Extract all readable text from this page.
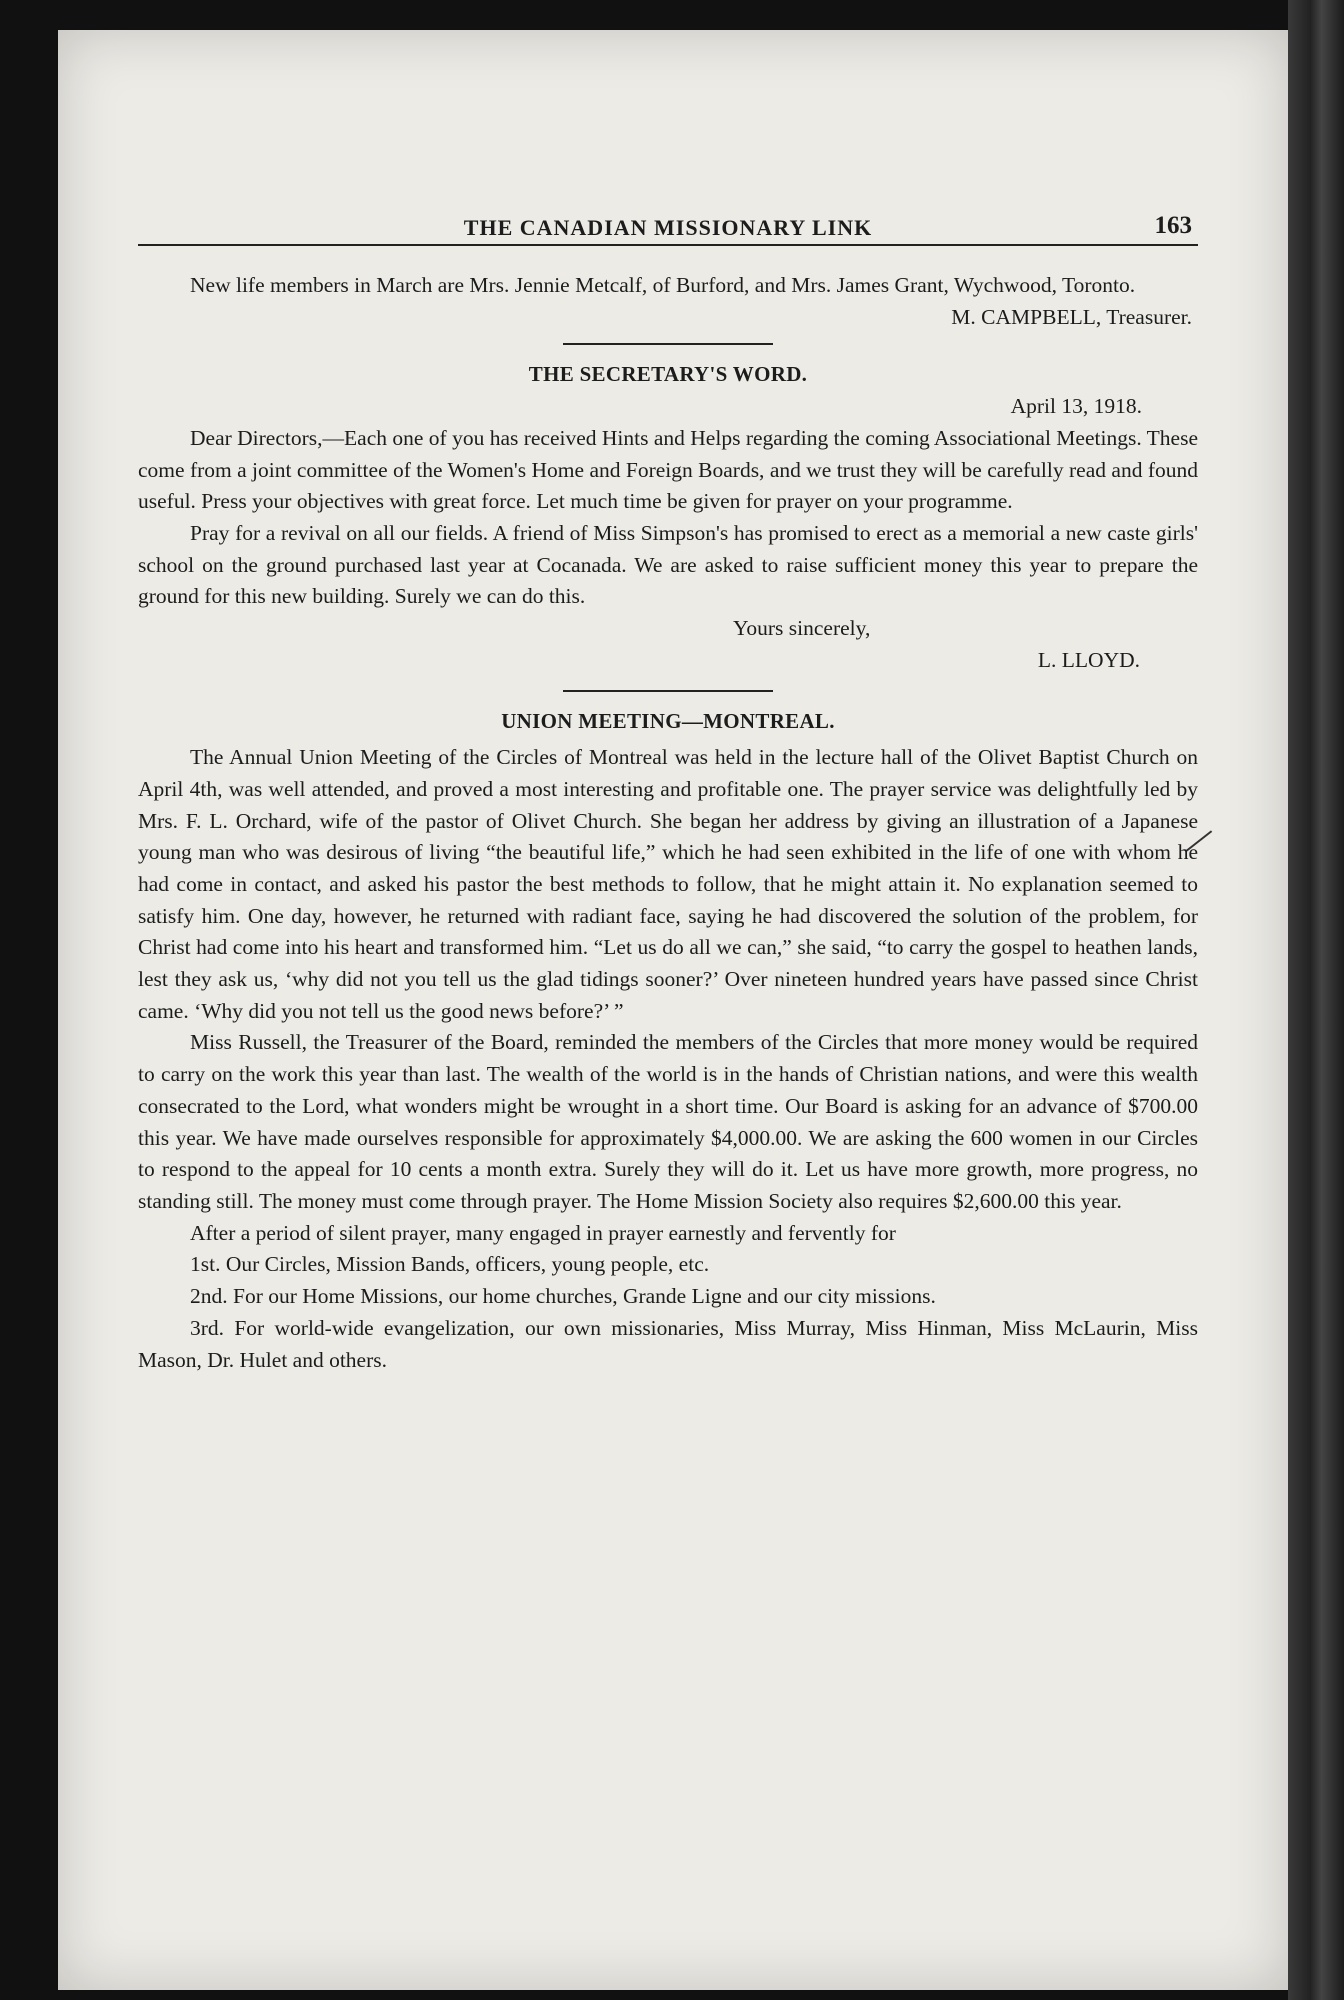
THE CANADIAN MISSIONARY LINK	163

New life members in March are Mrs. Jennie Metcalf, of Burford, and Mrs. James Grant, Wychwood, Toronto.

M. CAMPBELL, Treasurer.

THE SECRETARY'S WORD.

April 13, 1918.

Dear Directors,—Each one of you has received Hints and Helps regarding the coming Associational Meetings. These come from a joint committee of the Women's Home and Foreign Boards, and we trust they will be carefully read and found useful. Press your objectives with great force. Let much time be given for prayer on your programme.

Pray for a revival on all our fields. A friend of Miss Simpson's has promised to erect as a memorial a new caste girls' school on the ground purchased last year at Cocanada. We are asked to raise sufficient money this year to prepare the ground for this new building. Surely we can do this.

Yours sincerely,

L. LLOYD.

UNION MEETING—MONTREAL.

The Annual Union Meeting of the Circles of Montreal was held in the lecture hall of the Olivet Baptist Church on April 4th, was well attended, and proved a most interesting and profitable one. The prayer service was delightfully led by Mrs. F. L. Orchard, wife of the pastor of Olivet Church. She began her address by giving an illustration of a Japanese young man who was desirous of living “the beautiful life,” which he had seen exhibited in the life of one with whom he had come in contact, and asked his pastor the best methods to follow, that he might attain it. No explanation seemed to satisfy him. One day, however, he returned with radiant face, saying he had discovered the solution of the problem, for Christ had come into his heart and transformed him. “Let us do all we can,” she said, “to carry the gospel to heathen lands, lest they ask us, ‘why did not you tell us the glad tidings sooner?’ Over nineteen hundred years have passed since Christ came. ‘Why did you not tell us the good news before?’ ”

Miss Russell, the Treasurer of the Board, reminded the members of the Circles that more money would be required to carry on the work this year than last. The wealth of the world is in the hands of Christian nations, and were this wealth consecrated to the Lord, what wonders might be wrought in a short time. Our Board is asking for an advance of $700.00 this year. We have made ourselves responsible for approximately $4,000.00. We are asking the 600 women in our Circles to respond to the appeal for 10 cents a month extra. Surely they will do it. Let us have more growth, more progress, no standing still. The money must come through prayer. The Home Mission Society also requires $2,600.00 this year.

After a period of silent prayer, many engaged in prayer earnestly and fervently for

1st. Our Circles, Mission Bands, officers, young people, etc.

2nd. For our Home Missions, our home churches, Grande Ligne and our city missions.

3rd. For world-wide evangelization, our own missionaries, Miss Murray, Miss Hinman, Miss McLaurin, Miss Mason, Dr. Hulet and others.
